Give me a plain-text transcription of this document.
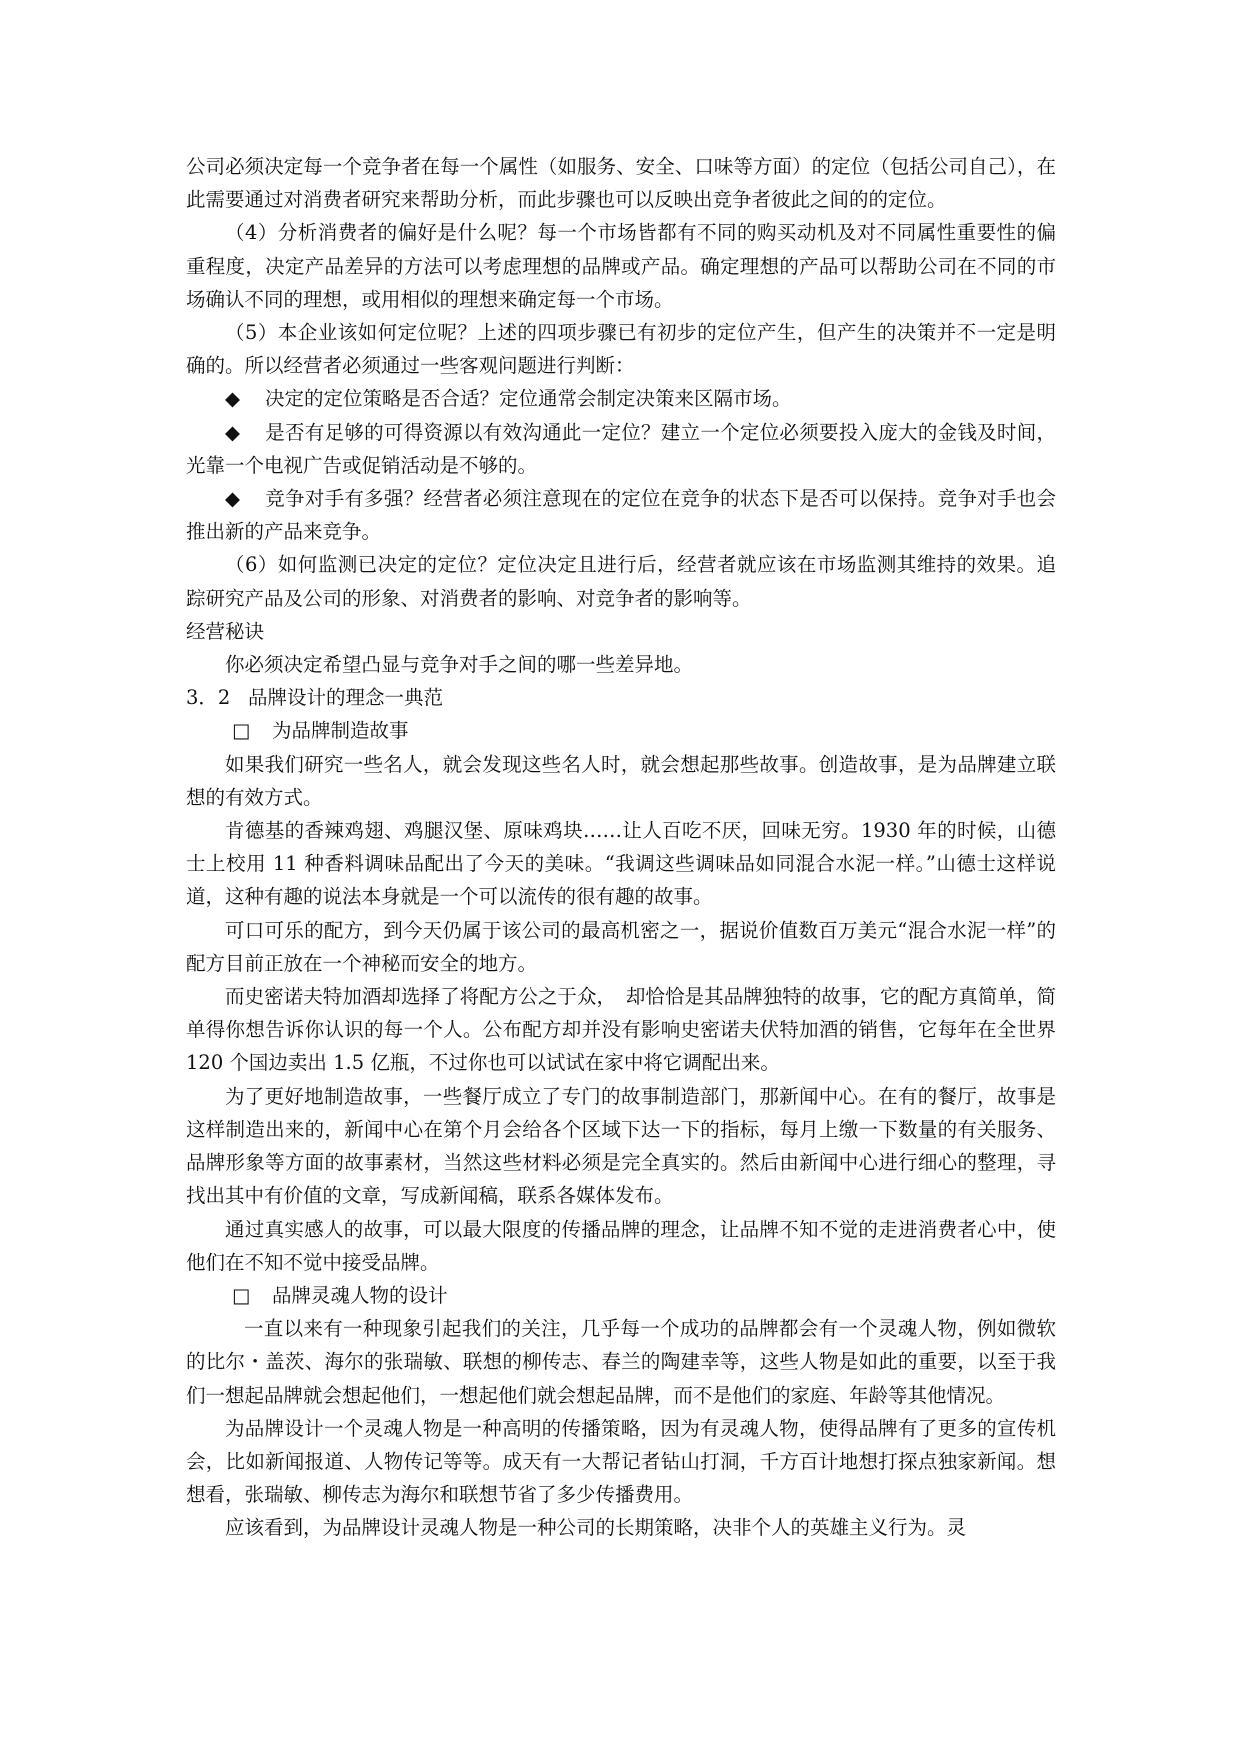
公司必须决定每一个竞争者在每一个属性（如服务、安全、口味等方面）的定位（包括公司自己），在此需要通过对消费者研究来帮助分析，而此步骤也可以反映出竞争者彼此之间的的定位。

（4）分析消费者的偏好是什么呢？每一个市场皆都有不同的购买动机及对不同属性重要性的偏重程度，决定产品差异的方法可以考虑理想的品牌或产品。确定理想的产品可以帮助公司在不同的市场确认不同的理想，或用相似的理想来确定每一个市场。

（5）本企业该如何定位呢？上述的四项步骤已有初步的定位产生，但产生的决策并不一定是明确的。所以经营者必须通过一些客观问题进行判断：

◆ 决定的定位策略是否合适？定位通常会制定决策来区隔市场。

◆ 是否有足够的可得资源以有效沟通此一定位？建立一个定位必须要投入庞大的金钱及时间，光靠一个电视广告或促销活动是不够的。

◆ 竞争对手有多强？经营者必须注意现在的定位在竞争的状态下是否可以保持。竞争对手也会推出新的产品来竞争。

（6）如何监测已决定的定位？定位决定且进行后，经营者就应该在市场监测其维持的效果。追踪研究产品及公司的形象、对消费者的影响、对竞争者的影响等。

经营秘诀

你必须决定希望凸显与竞争对手之间的哪一些差异地。

3．2 品牌设计的理念一典范

□ 为品牌制造故事

如果我们研究一些名人，就会发现这些名人时，就会想起那些故事。创造故事，是为品牌建立联想的有效方式。

肯德基的香辣鸡翅、鸡腿汉堡、原味鸡块……让人百吃不厌，回味无穷。1930 年的时候，山德士上校用 11 种香料调味品配出了今天的美味。“我调这些调味品如同混合水泥一样。”山德士这样说道，这种有趣的说法本身就是一个可以流传的很有趣的故事。

可口可乐的配方，到今天仍属于该公司的最高机密之一，据说价值数百万美元“混合水泥一样”的配方目前正放在一个神秘而安全的地方。

而史密诺夫特加酒却选择了将配方公之于众，　却恰恰是其品牌独特的故事，它的配方真简单，简单得你想告诉你认识的每一个人。公布配方却并没有影响史密诺夫伏特加酒的销售，它每年在全世界 120 个国边卖出 1.5 亿瓶，不过你也可以试试在家中将它调配出来。

为了更好地制造故事，一些餐厅成立了专门的故事制造部门，那新闻中心。在有的餐厅，故事是这样制造出来的，新闻中心在第个月会给各个区域下达一下的指标，每月上缴一下数量的有关服务、品牌形象等方面的故事素材，当然这些材料必须是完全真实的。然后由新闻中心进行细心的整理，寻找出其中有价值的文章，写成新闻稿，联系各媒体发布。

通过真实感人的故事，可以最大限度的传播品牌的理念，让品牌不知不觉的走进消费者心中，使他们在不知不觉中接受品牌。

□ 品牌灵魂人物的设计

一直以来有一种现象引起我们的关注，几乎每一个成功的品牌都会有一个灵魂人物，例如微软的比尔・盖茨、海尔的张瑞敏、联想的柳传志、春兰的陶建幸等，这些人物是如此的重要，以至于我们一想起品牌就会想起他们，一想起他们就会想起品牌，而不是他们的家庭、年龄等其他情况。

为品牌设计一个灵魂人物是一种高明的传播策略，因为有灵魂人物，使得品牌有了更多的宣传机会，比如新闻报道、人物传记等等。成天有一大帮记者钻山打洞，千方百计地想打探点独家新闻。想想看，张瑞敏、柳传志为海尔和联想节省了多少传播费用。

应该看到，为品牌设计灵魂人物是一种公司的长期策略，决非个人的英雄主义行为。灵
